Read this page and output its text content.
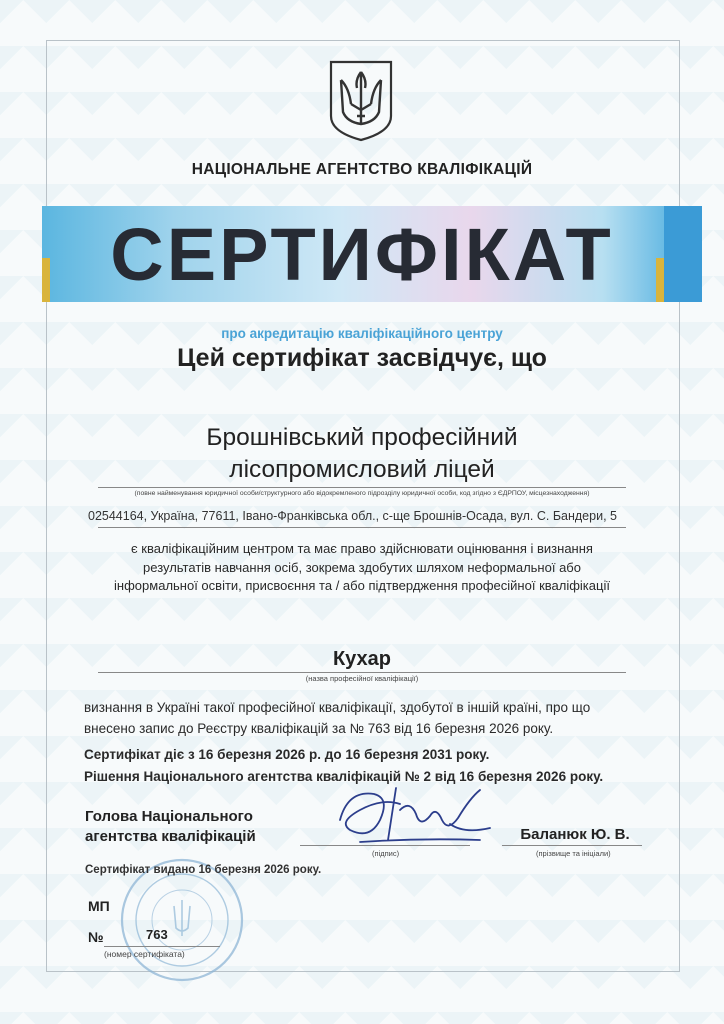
НАЦІОНАЛЬНЕ АГЕНТСТВО КВАЛІФІКАЦІЙ
СЕРТИФІКАТ
про акредитацію кваліфікаційного центру
Цей сертифікат засвідчує, що
Брошнівський професійний
лісопромисловий ліцей
(повне найменування юридичної особи/структурного або відокремленого підрозділу юридичної особи, код згідно з ЄДРПОУ, місцезнаходження)
02544164, Україна, 77611, Івано-Франківська обл., с-ще Брошнів-Осада, вул. С. Бандери, 5
є кваліфікаційним центром та має право здійснювати оцінювання і визнання
результатів навчання осіб, зокрема здобутих шляхом неформальної або
інформальної освіти, присвоєння та / або підтвердження професійної кваліфікації
Кухар
(назва професійної кваліфікації)
визнання в Україні такої професійної кваліфікації, здобутої в іншій країні, про що
внесено запис до Реєстру кваліфікацій за № 763 від 16 березня 2026 року.
Сертифікат діє з 16 березня 2026 р. до 16 березня 2031 року.
Рішення Національного агентства кваліфікацій № 2 від 16 березня 2026 року.
Голова Національного
агентства кваліфікацій
(підпис)
Баланюк Ю. В.
(прізвище та ініціали)
Сертифікат видано 16 березня 2026 року.
МП
№	763
(номер сертифіката)
